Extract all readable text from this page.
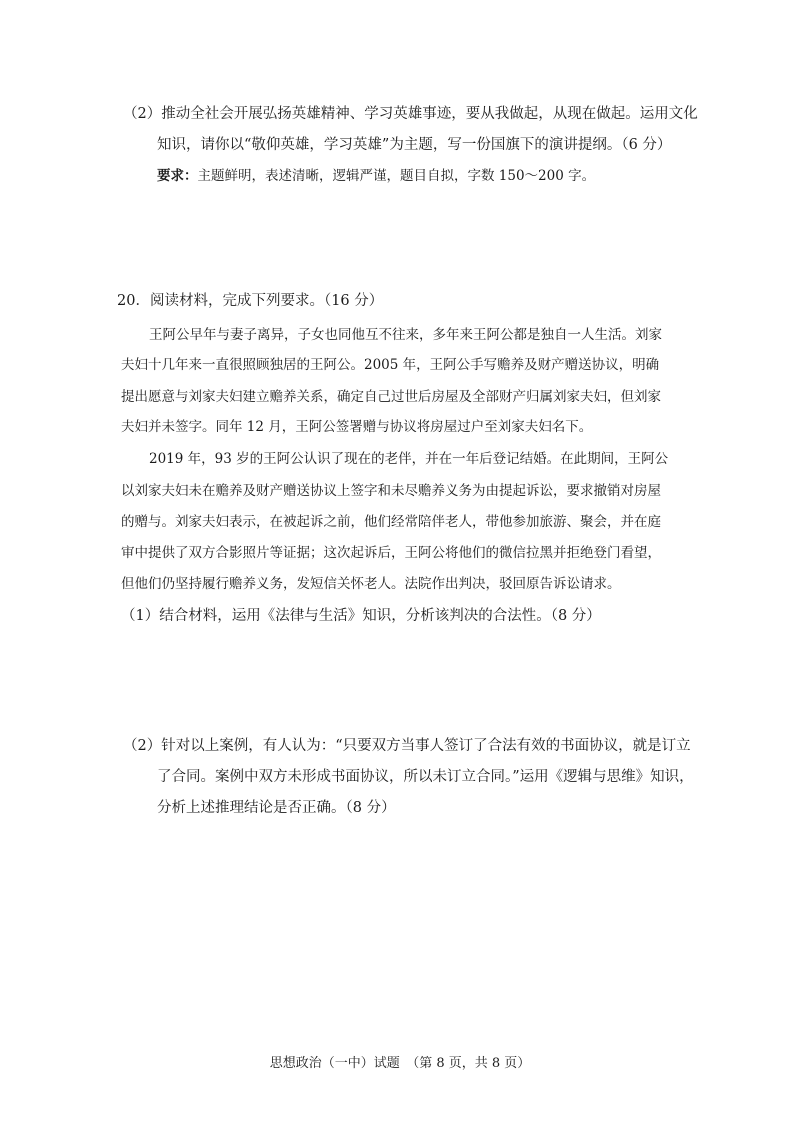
（2）推动全社会开展弘扬英雄精神、学习英雄事迹，要从我做起，从现在做起。运用文化
知识，请你以“敬仰英雄，学习英雄”为主题，写一份国旗下的演讲提纲。（6 分）
要求：主题鲜明，表述清晰，逻辑严谨，题目自拟，字数 150～200 字。
20．阅读材料，完成下列要求。（16 分）
王阿公早年与妻子离异，子女也同他互不往来，多年来王阿公都是独自一人生活。刘家
夫妇十几年来一直很照顾独居的王阿公。2005 年，王阿公手写赡养及财产赠送协议，明确
提出愿意与刘家夫妇建立赡养关系，确定自己过世后房屋及全部财产归属刘家夫妇，但刘家
夫妇并未签字。同年 12 月，王阿公签署赠与协议将房屋过户至刘家夫妇名下。
2019 年，93 岁的王阿公认识了现在的老伴，并在一年后登记结婚。在此期间，王阿公
以刘家夫妇未在赡养及财产赠送协议上签字和未尽赡养义务为由提起诉讼，要求撤销对房屋
的赠与。刘家夫妇表示，在被起诉之前，他们经常陪伴老人，带他参加旅游、聚会，并在庭
审中提供了双方合影照片等证据；这次起诉后，王阿公将他们的微信拉黑并拒绝登门看望，
但他们仍坚持履行赡养义务，发短信关怀老人。法院作出判决，驳回原告诉讼请求。
（1）结合材料，运用《法律与生活》知识，分析该判决的合法性。（8 分）
（2）针对以上案例，有人认为：“只要双方当事人签订了合法有效的书面协议，就是订立
了合同。案例中双方未形成书面协议，所以未订立合同。”运用《逻辑与思维》知识，
分析上述推理结论是否正确。（8 分）
思想政治（一中）试题　（第 8 页，共 8 页）
